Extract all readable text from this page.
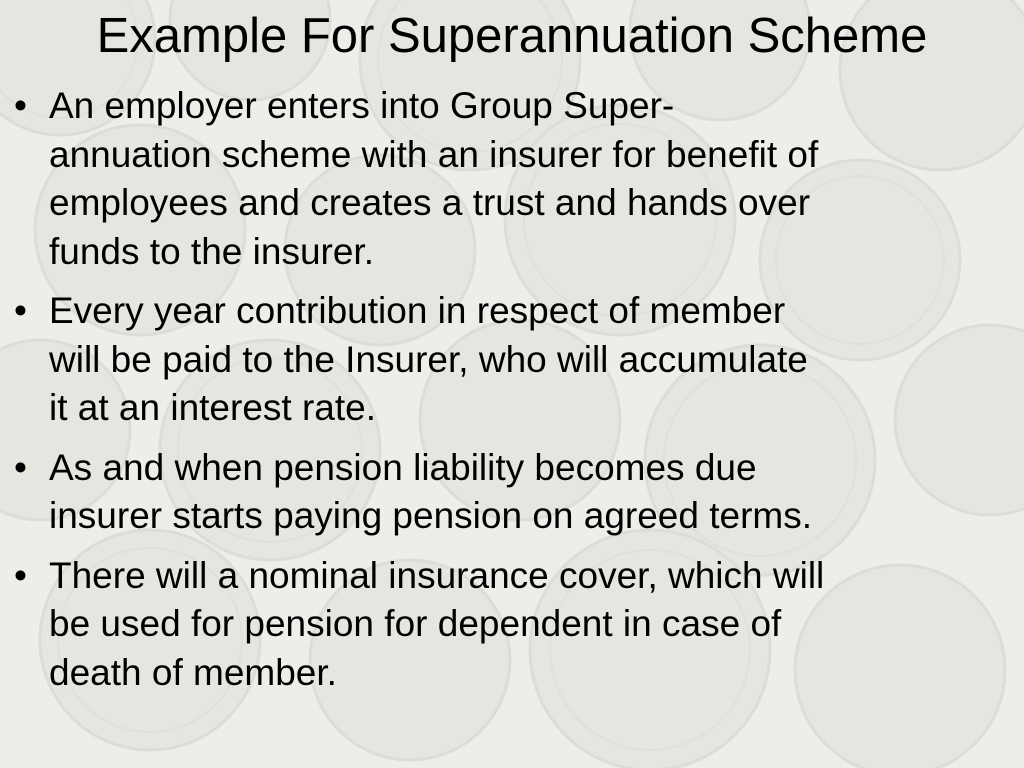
Example For Superannuation Scheme
• An employer enters into Group Super-
annuation scheme with an insurer for benefit of
employees and creates a trust and hands over
funds to the insurer.
• Every year contribution in respect of member
will be paid to the Insurer, who will accumulate
it at an interest rate.
• As and when pension liability becomes due
insurer starts paying pension on agreed terms.
• There will a nominal insurance cover, which will
be used for pension for dependent in case of
death of member.
